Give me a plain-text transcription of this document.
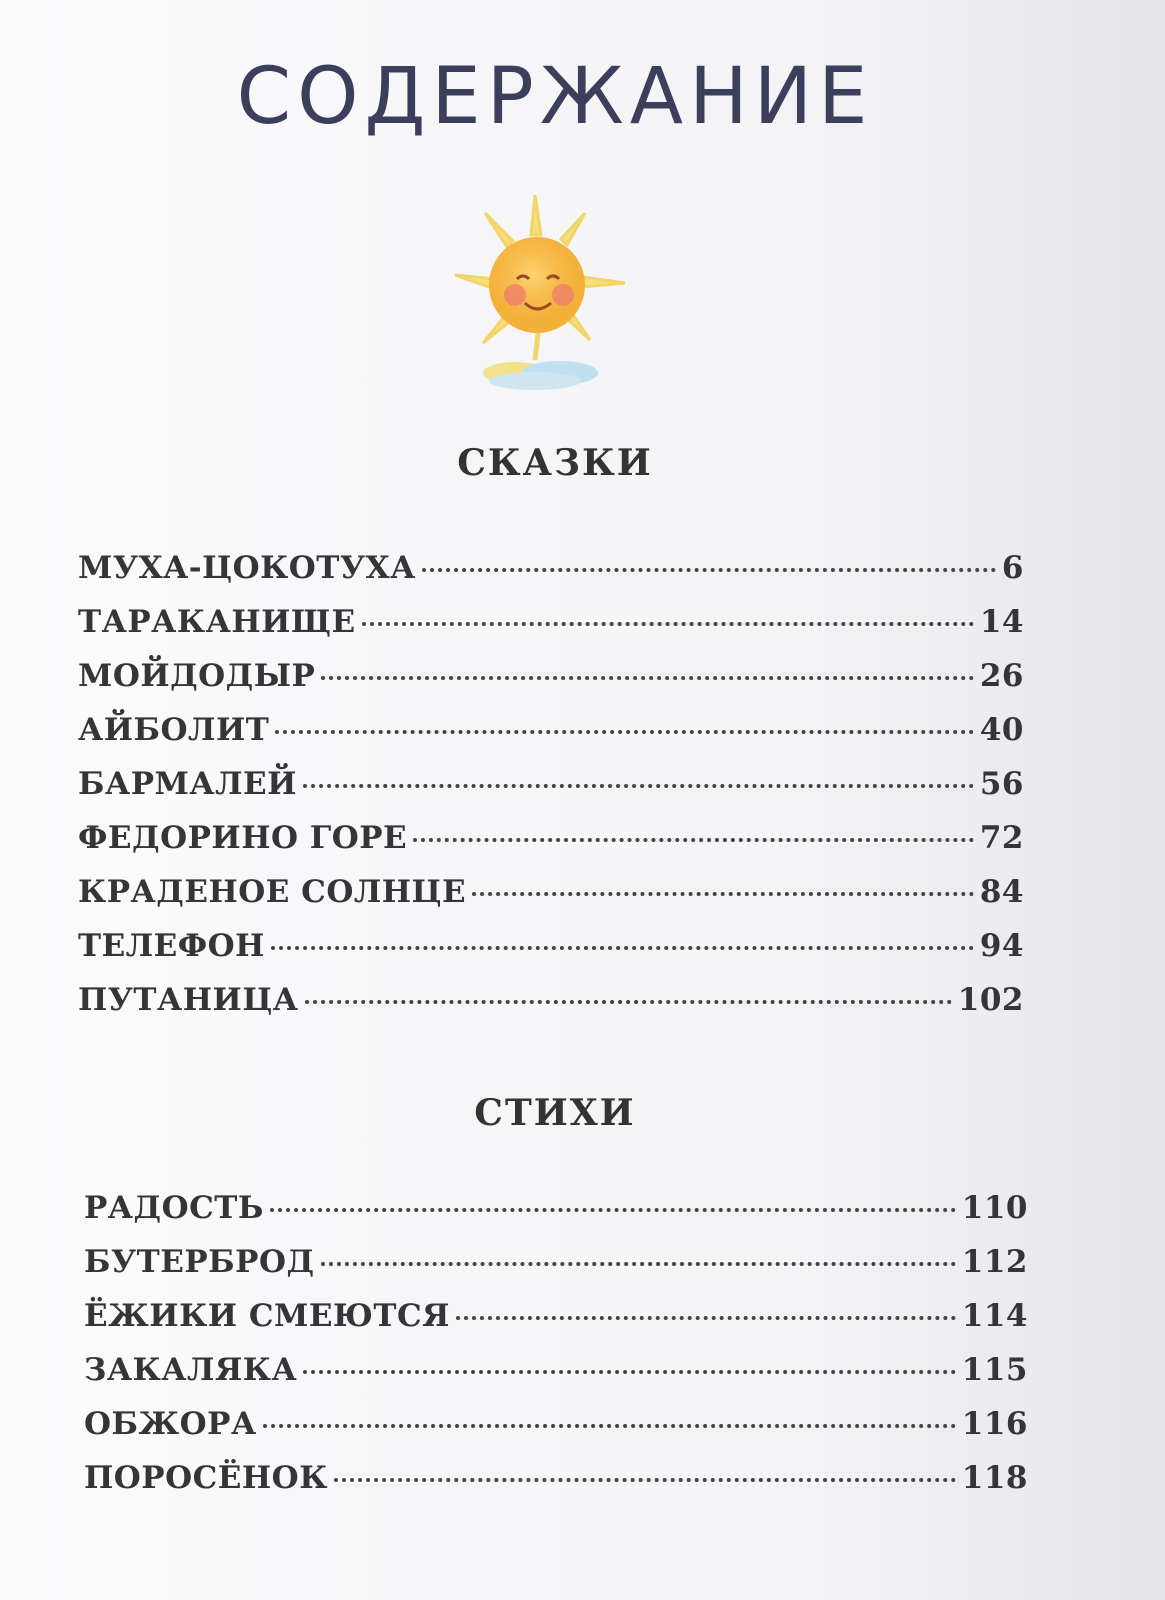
СОДЕРЖАНИЕ
СКАЗКИ
МУХА-ЦОКОТУХА	6
ТАРАКАНИЩЕ	14
МОЙДОДЫР	26
АЙБОЛИТ	40
БАРМАЛЕЙ	56
ФЕДОРИНО ГОРЕ	72
КРАДЕНОЕ СОЛНЦЕ	84
ТЕЛЕФОН	94
ПУТАНИЦА	102
СТИХИ
РАДОСТЬ	110
БУТЕРБРОД	112
ЁЖИКИ СМЕЮТСЯ	114
ЗАКАЛЯКА	115
ОБЖОРА	116
ПОРОСЁНОК	118
